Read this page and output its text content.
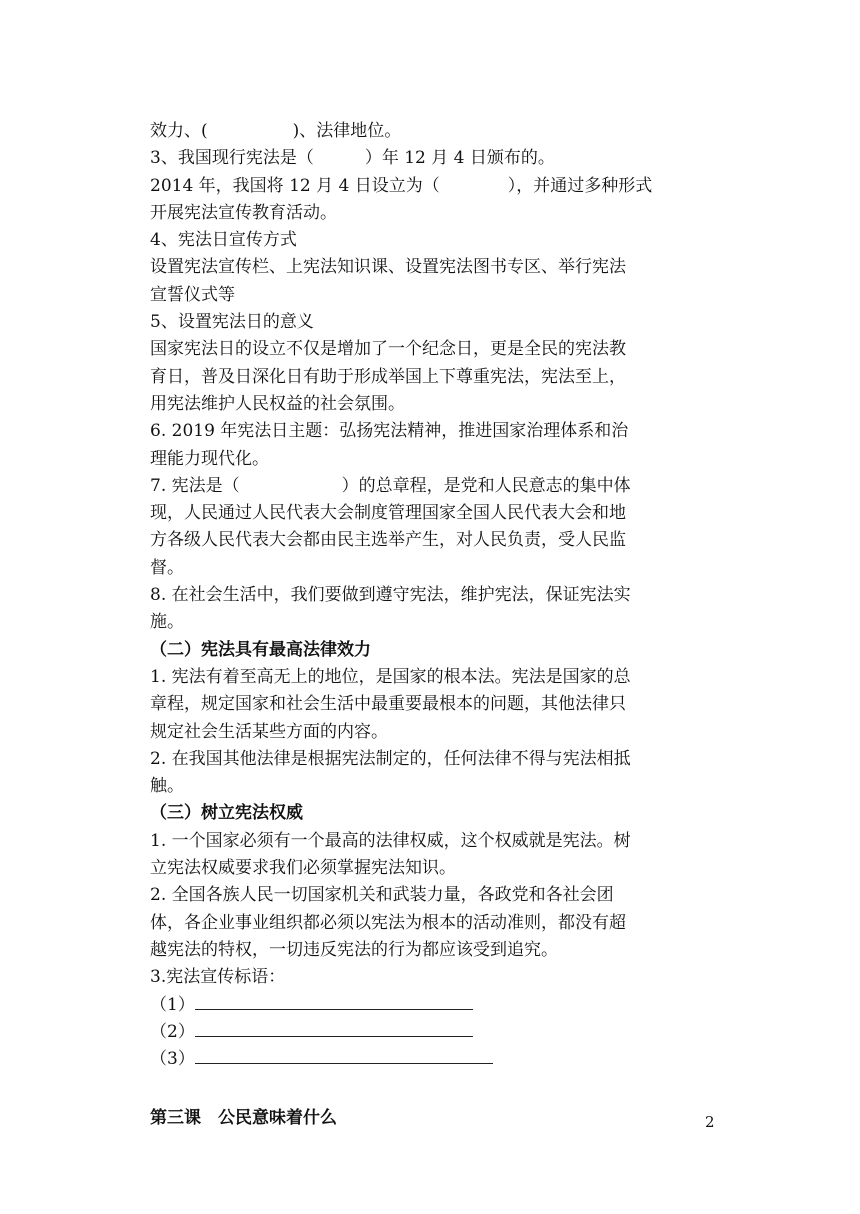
效力、(　　　　　)、法律地位。
3、我国现行宪法是（　　　）年 12 月 4 日颁布的。
2014 年，我国将 12 月 4 日设立为（　　　　），并通过多种形式
开展宪法宣传教育活动。
4、宪法日宣传方式
设置宪法宣传栏、上宪法知识课、设置宪法图书专区、举行宪法
宣誓仪式等
5、设置宪法日的意义
国家宪法日的设立不仅是增加了一个纪念日，更是全民的宪法教
育日，普及日深化日有助于形成举国上下尊重宪法，宪法至上，
用宪法维护人民权益的社会氛围。
6. 2019 年宪法日主题：弘扬宪法精神，推进国家治理体系和治
理能力现代化。
7. 宪法是（　　　　　　）的总章程，是党和人民意志的集中体
现，人民通过人民代表大会制度管理国家全国人民代表大会和地
方各级人民代表大会都由民主选举产生，对人民负责，受人民监
督。
8. 在社会生活中，我们要做到遵守宪法，维护宪法，保证宪法实
施。
（二）宪法具有最高法律效力
1. 宪法有着至高无上的地位，是国家的根本法。宪法是国家的总
章程，规定国家和社会生活中最重要最根本的问题，其他法律只
规定社会生活某些方面的内容。
2. 在我国其他法律是根据宪法制定的，任何法律不得与宪法相抵
触。
（三）树立宪法权威
1. 一个国家必须有一个最高的法律权威，这个权威就是宪法。树
立宪法权威要求我们必须掌握宪法知识。
2. 全国各族人民一切国家机关和武装力量，各政党和各社会团
体，各企业事业组织都必须以宪法为根本的活动准则，都没有超
越宪法的特权，一切违反宪法的行为都应该受到追究。
3.宪法宣传标语：
（1）
（2）
（3）
第三课　公民意味着什么	2
